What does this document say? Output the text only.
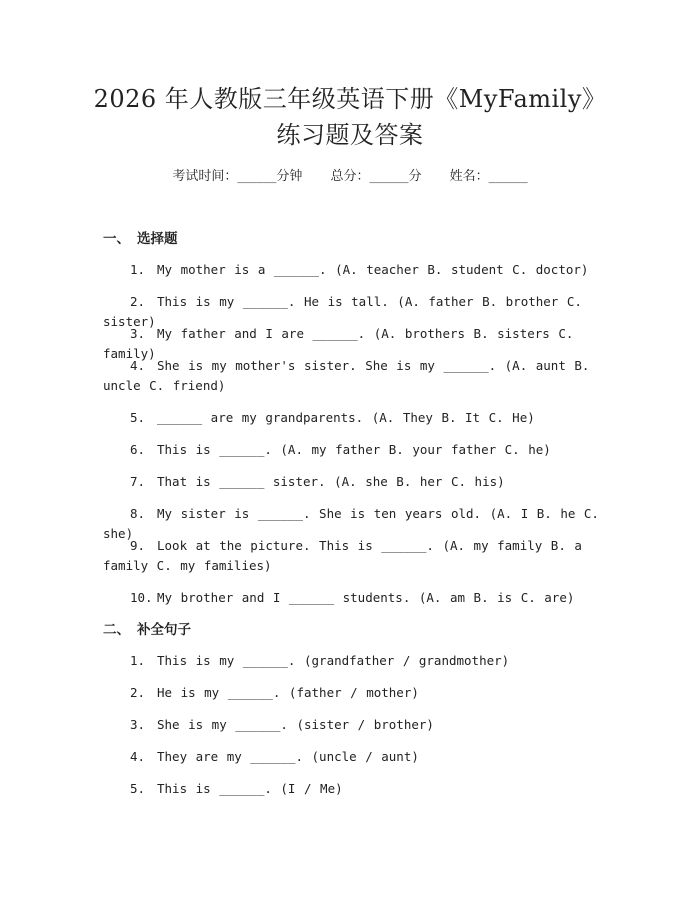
2026 年人教版三年级英语下册《MyFamily》
练习题及答案
考试时间：______分钟 总分：______分 姓名：______
一、 选择题
1. My mother is a ______. (A. teacher B. student C. doctor)
2. This is my ______. He is tall. (A. father B. brother C. sister)
3. My father and I are ______. (A. brothers B. sisters C. family)
4. She is my mother's sister. She is my ______. (A. aunt B. uncle C. friend)
5. ______ are my grandparents. (A. They B. It C. He)
6. This is ______. (A. my father B. your father C. he)
7. That is ______ sister. (A. she B. her C. his)
8. My sister is ______. She is ten years old. (A. I B. he C. she)
9. Look at the picture. This is ______. (A. my family B. a family C. my families)
10. My brother and I ______ students. (A. am B. is C. are)
二、 补全句子
1. This is my ______. (grandfather / grandmother)
2. He is my ______. (father / mother)
3. She is my ______. (sister / brother)
4. They are my ______. (uncle / aunt)
5. This is ______. (I / Me)
